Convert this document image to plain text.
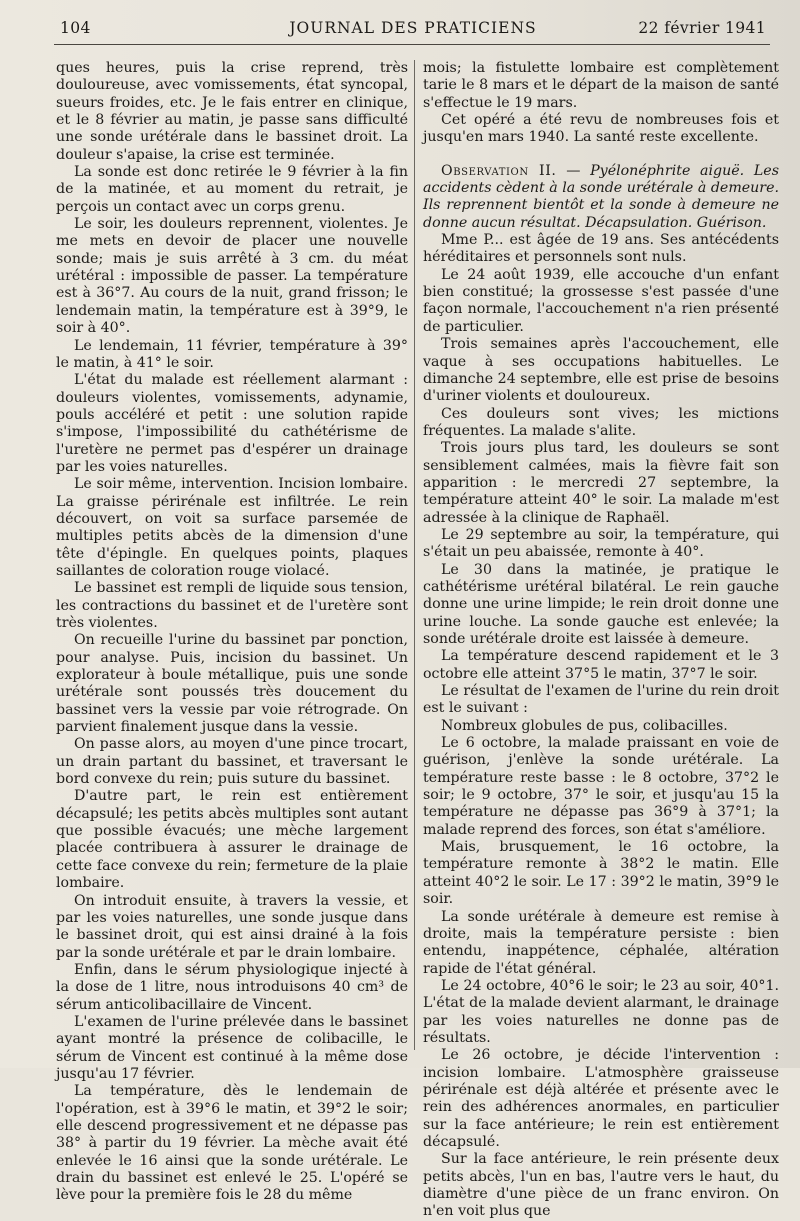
104	JOURNAL DES PRATICIENS	22 février 1941

ques heures, puis la crise reprend, très douloureuse, avec vomissements, état syncopal, sueurs froides, etc. Je le fais entrer en clinique, et le 8 février au matin, je passe sans difficulté une sonde urétérale dans le bassinet droit. La douleur s'apaise, la crise est terminée.

La sonde est donc retirée le 9 février à la fin de la matinée, et au moment du retrait, je perçois un contact avec un corps grenu.

Le soir, les douleurs reprennent, violentes. Je me mets en devoir de placer une nouvelle sonde; mais je suis arrêté à 3 cm. du méat urétéral : impossible de passer. La température est à 36°7. Au cours de la nuit, grand frisson; le lendemain matin, la température est à 39°9, le soir à 40°.

Le lendemain, 11 février, température à 39° le matin, à 41° le soir.

L'état du malade est réellement alarmant : douleurs violentes, vomissements, adynamie, pouls accéléré et petit : une solution rapide s'impose, l'impossibilité du cathétérisme de l'uretère ne permet pas d'espérer un drainage par les voies naturelles.

Le soir même, intervention. Incision lombaire. La graisse périrénale est infiltrée. Le rein découvert, on voit sa surface parsemée de multiples petits abcès de la dimension d'une tête d'épingle. En quelques points, plaques saillantes de coloration rouge violacé.

Le bassinet est rempli de liquide sous tension, les contractions du bassinet et de l'uretère sont très violentes.

On recueille l'urine du bassinet par ponction, pour analyse. Puis, incision du bassinet. Un explorateur à boule métallique, puis une sonde urétérale sont poussés très doucement du bassinet vers la vessie par voie rétrograde. On parvient finalement jusque dans la vessie.

On passe alors, au moyen d'une pince trocart, un drain partant du bassinet, et traversant le bord convexe du rein; puis suture du bassinet.

D'autre part, le rein est entièrement décapsulé; les petits abcès multiples sont autant que possible évacués; une mèche largement placée contribuera à assurer le drainage de cette face convexe du rein; fermeture de la plaie lombaire.

On introduit ensuite, à travers la vessie, et par les voies naturelles, une sonde jusque dans le bassinet droit, qui est ainsi drainé à la fois par la sonde urétérale et par le drain lombaire.

Enfin, dans le sérum physiologique injecté à la dose de 1 litre, nous introduisons 40 cm³ de sérum anticolibacillaire de Vincent.

L'examen de l'urine prélevée dans le bassinet ayant montré la présence de colibacille, le sérum de Vincent est continué à la même dose jusqu'au 17 février.

La température, dès le lendemain de l'opération, est à 39°6 le matin, et 39°2 le soir; elle descend progressivement et ne dépasse pas 38° à partir du 19 février. La mèche avait été enlevée le 16 ainsi que la sonde urétérale. Le drain du bassinet est enlevé le 25. L'opéré se lève pour la première fois le 28 du même

mois; la fistulette lombaire est complètement tarie le 8 mars et le départ de la maison de santé s'effectue le 19 mars.

Cet opéré a été revu de nombreuses fois et jusqu'en mars 1940. La santé reste excellente.

Observation II. — Pyélonéphrite aiguë. Les accidents cèdent à la sonde urétérale à demeure. Ils reprennent bientôt et la sonde à demeure ne donne aucun résultat. Décapsulation. Guérison.

Mme P... est âgée de 19 ans. Ses antécédents héréditaires et personnels sont nuls.

Le 24 août 1939, elle accouche d'un enfant bien constitué; la grossesse s'est passée d'une façon normale, l'accouchement n'a rien présenté de particulier.

Trois semaines après l'accouchement, elle vaque à ses occupations habituelles. Le dimanche 24 septembre, elle est prise de besoins d'uriner violents et douloureux.

Ces douleurs sont vives; les mictions fréquentes. La malade s'alite.

Trois jours plus tard, les douleurs se sont sensiblement calmées, mais la fièvre fait son apparition : le mercredi 27 septembre, la température atteint 40° le soir. La malade m'est adressée à la clinique de Raphaël.

Le 29 septembre au soir, la température, qui s'était un peu abaissée, remonte à 40°.

Le 30 dans la matinée, je pratique le cathétérisme urétéral bilatéral. Le rein gauche donne une urine limpide; le rein droit donne une urine louche. La sonde gauche est enlevée; la sonde urétérale droite est laissée à demeure.

La température descend rapidement et le 3 octobre elle atteint 37°5 le matin, 37°7 le soir.

Le résultat de l'examen de l'urine du rein droit est le suivant :

Nombreux globules de pus, colibacilles.

Le 6 octobre, la malade praissant en voie de guérison, j'enlève la sonde urétérale. La température reste basse : le 8 octobre, 37°2 le soir; le 9 octobre, 37° le soir, et jusqu'au 15 la température ne dépasse pas 36°9 à 37°1; la malade reprend des forces, son état s'améliore.

Mais, brusquement, le 16 octobre, la température remonte à 38°2 le matin. Elle atteint 40°2 le soir. Le 17 : 39°2 le matin, 39°9 le soir.

La sonde urétérale à demeure est remise à droite, mais la température persiste : bien entendu, inappétence, céphalée, altération rapide de l'état général.

Le 24 octobre, 40°6 le soir; le 23 au soir, 40°1. L'état de la malade devient alarmant, le drainage par les voies naturelles ne donne pas de résultats.

Le 26 octobre, je décide l'intervention : incision lombaire. L'atmosphère graisseuse périrénale est déjà altérée et présente avec le rein des adhérences anormales, en particulier sur la face antérieure; le rein est entièrement décapsulé.

Sur la face antérieure, le rein présente deux petits abcès, l'un en bas, l'autre vers le haut, du diamètre d'une pièce de un franc environ. On n'en voit plus que
